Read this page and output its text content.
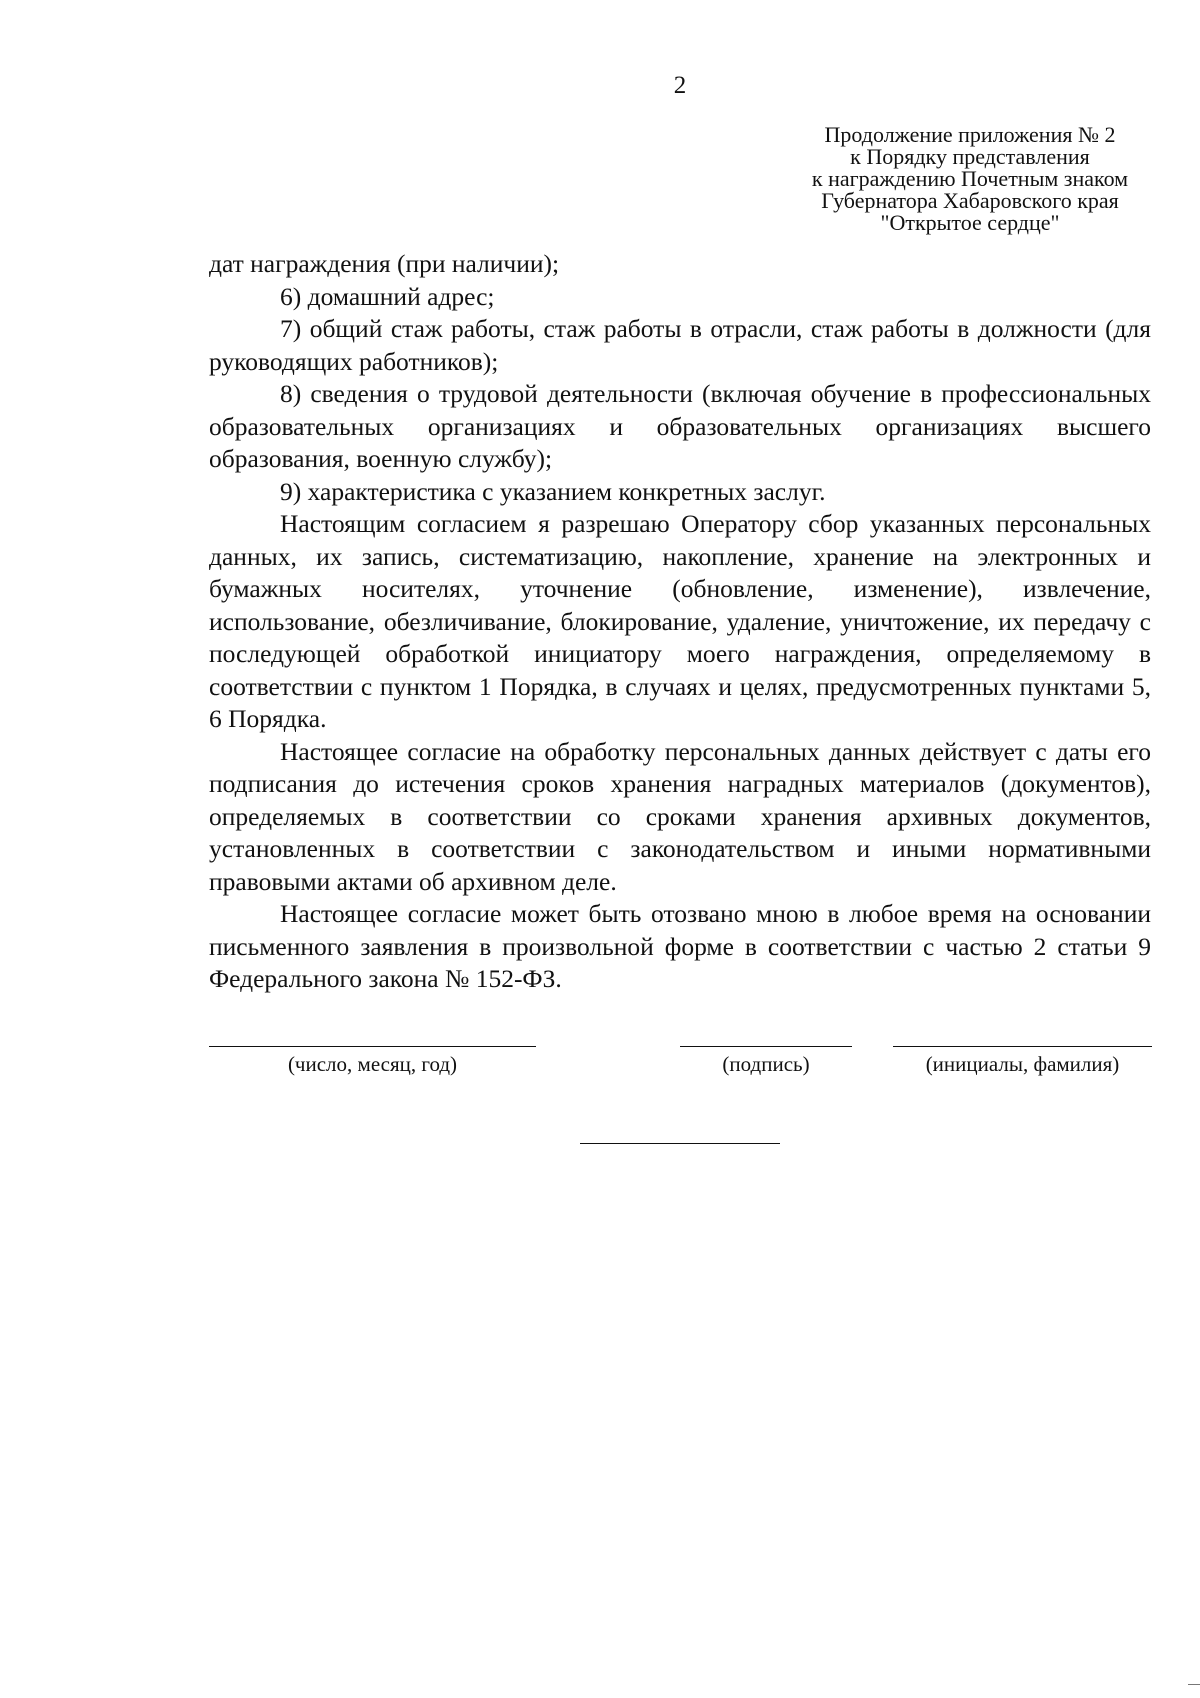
2
Продолжение приложения № 2
к Порядку представления
к награждению Почетным знаком
Губернатора Хабаровского края
"Открытое сердце"

дат награждения (при наличии);

6) домашний адрес;

7) общий стаж работы, стаж работы в отрасли, стаж работы в должности (для руководящих работников);

8) сведения о трудовой деятельности (включая обучение в профессиональных образовательных организациях и образовательных организациях высшего образования, военную службу);

9) характеристика с указанием конкретных заслуг.

Настоящим согласием я разрешаю Оператору сбор указанных персональных данных, их запись, систематизацию, накопление, хранение на электронных и бумажных носителях, уточнение (обновление, изменение), извлечение, использование, обезличивание, блокирование, удаление, уничтожение, их передачу с последующей обработкой инициатору моего награждения, определяемому в соответствии с пунктом 1 Порядка, в случаях и целях, предусмотренных пунктами 5, 6 Порядка.

Настоящее согласие на обработку персональных данных действует с даты его подписания до истечения сроков хранения наградных материалов (документов), определяемых в соответствии со сроками хранения архивных документов, установленных в соответствии с законодательством и иными нормативными правовыми актами об архивном деле.

Настоящее согласие может быть отозвано мною в любое время на основании письменного заявления в произвольной форме в соответствии с частью 2 статьи 9 Федерального закона № 152-ФЗ.

(число, месяц, год)	(подпись)	(инициалы, фамилия)
